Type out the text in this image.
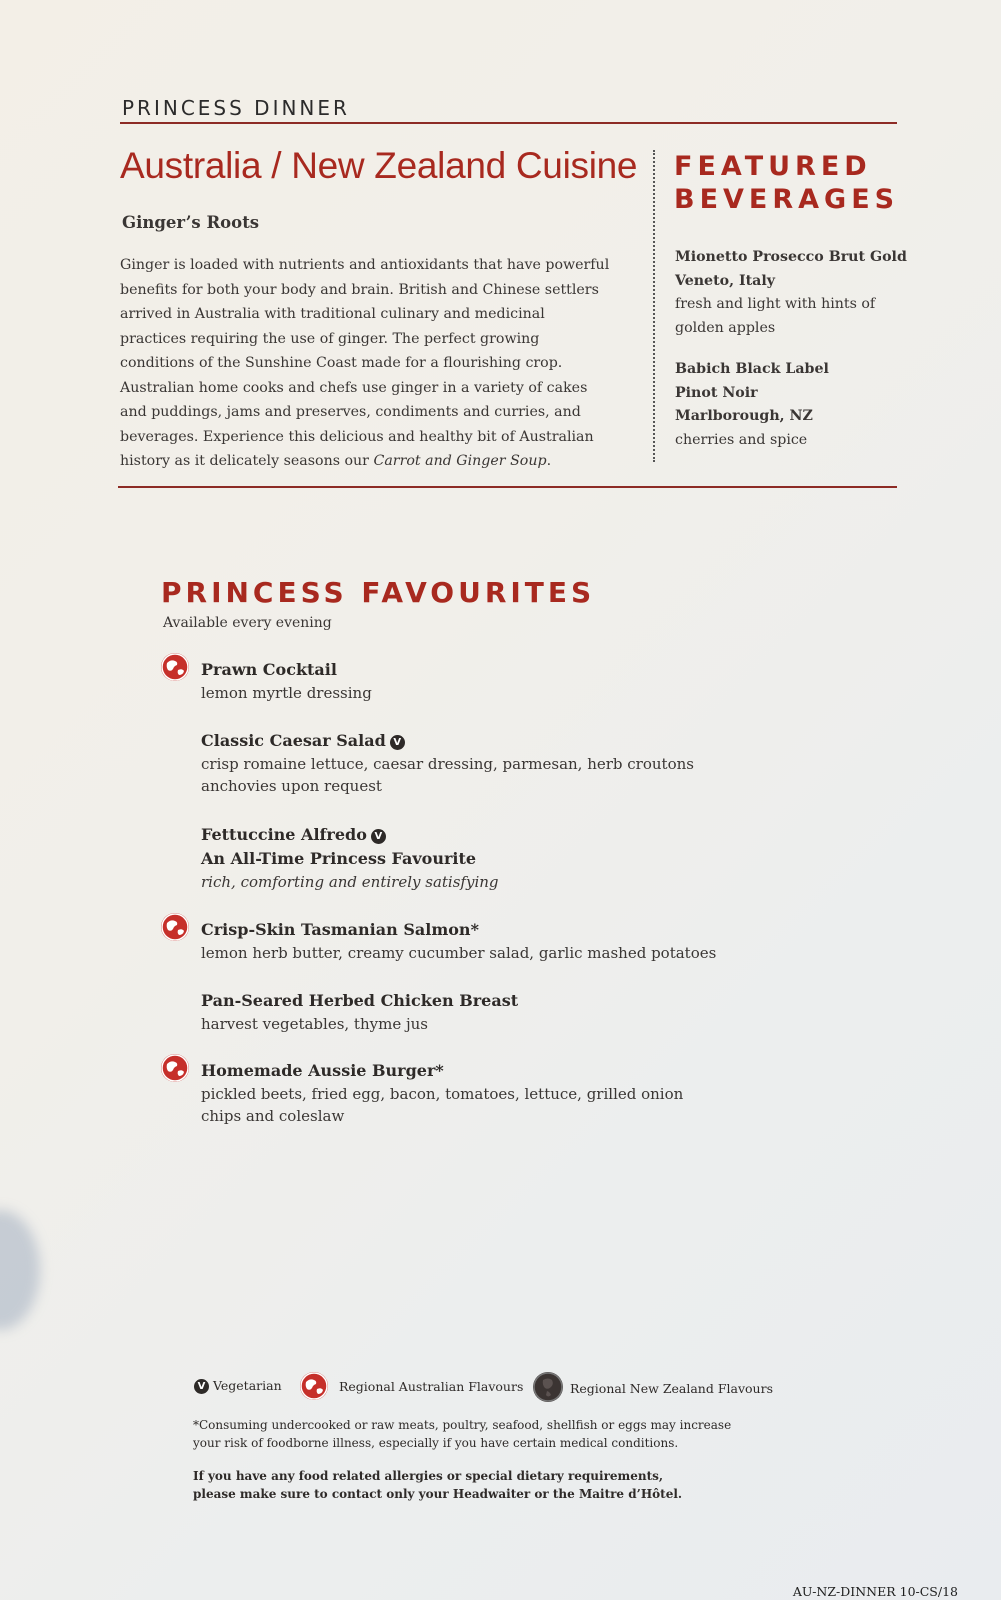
PRINCESS DINNER
Australia / New Zealand Cuisine
Ginger’s Roots
Ginger is loaded with nutrients and antioxidants that have powerful
benefits for both your body and brain. British and Chinese settlers
arrived in Australia with traditional culinary and medicinal
practices requiring the use of ginger. The perfect growing
conditions of the Sunshine Coast made for a flourishing crop.
Australian home cooks and chefs use ginger in a variety of cakes
and puddings, jams and preserves, condiments and curries, and
beverages. Experience this delicious and healthy bit of Australian
history as it delicately seasons our Carrot and Ginger Soup.
FEATURED
BEVERAGES
Mionetto Prosecco Brut Gold
Veneto, Italy
fresh and light with hints of
golden apples
Babich Black Label
Pinot Noir
Marlborough, NZ
cherries and spice
PRINCESS FAVOURITES
Available every evening
Prawn Cocktail
lemon myrtle dressing
Classic Caesar Salad V
crisp romaine lettuce, caesar dressing, parmesan, herb croutons
anchovies upon request
Fettuccine Alfredo V
An All-Time Princess Favourite
rich, comforting and entirely satisfying
Crisp-Skin Tasmanian Salmon*
lemon herb butter, creamy cucumber salad, garlic mashed potatoes
Pan-Seared Herbed Chicken Breast
harvest vegetables, thyme jus
Homemade Aussie Burger*
pickled beets, fried egg, bacon, tomatoes, lettuce, grilled onion
chips and coleslaw
V Vegetarian	Regional Australian Flavours	Regional New Zealand Flavours
*Consuming undercooked or raw meats, poultry, seafood, shellfish or eggs may increase
your risk of foodborne illness, especially if you have certain medical conditions.
If you have any food related allergies or special dietary requirements,
please make sure to contact only your Headwaiter or the Maitre d’Hôtel.
AU-NZ-DINNER 10-CS/18
